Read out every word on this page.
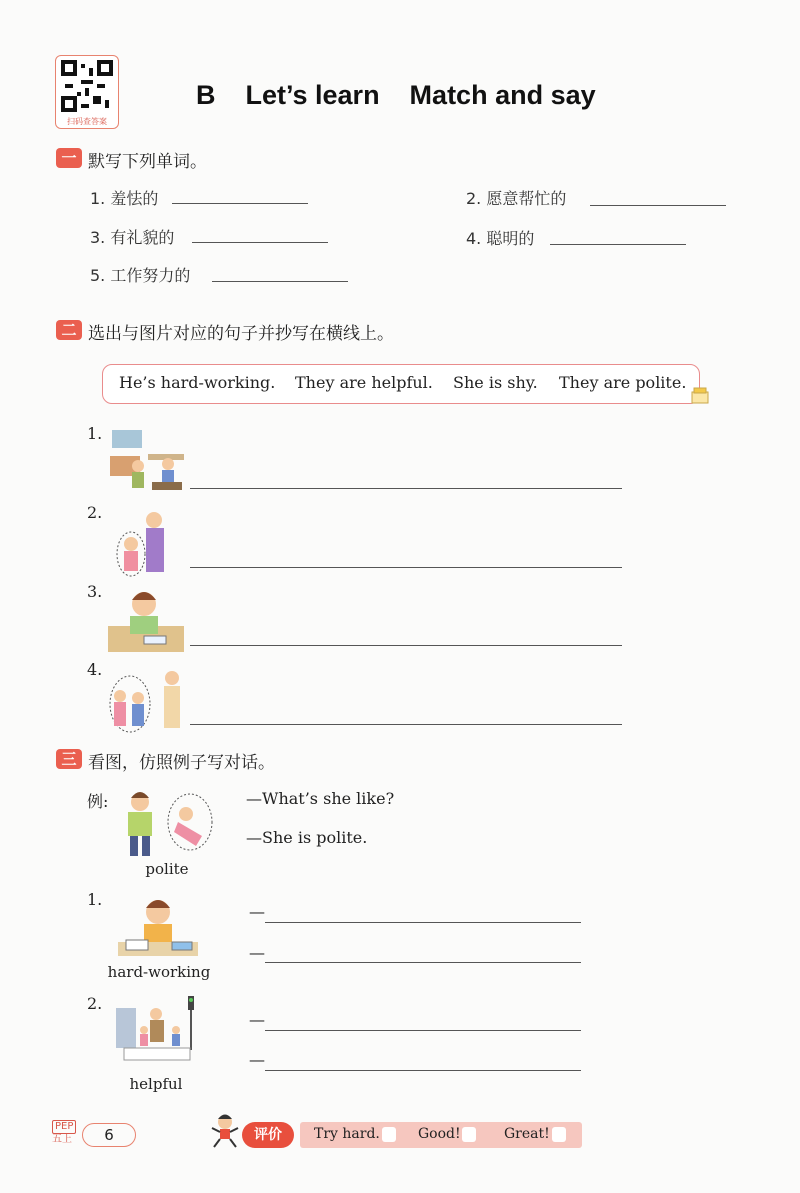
扫码查答案
B    Let’s learn    Match and say
一 默写下列单词。
1. 羞怯的	2. 愿意帮忙的
3. 有礼貌的	4. 聪明的
5. 工作努力的
二 选出与图片对应的句子并抄写在横线上。
He’s hard-working. They are helpful. She is shy. They are polite.
1.
2.
3.
4.
三 看图，仿照例子写对话。
例:
polite
—What’s she like?
—She is polite.
1.
hard-working
—
—
2.
helpful
—
—
PEP
五上	6	评价	Try hard.	Good!	Great!
